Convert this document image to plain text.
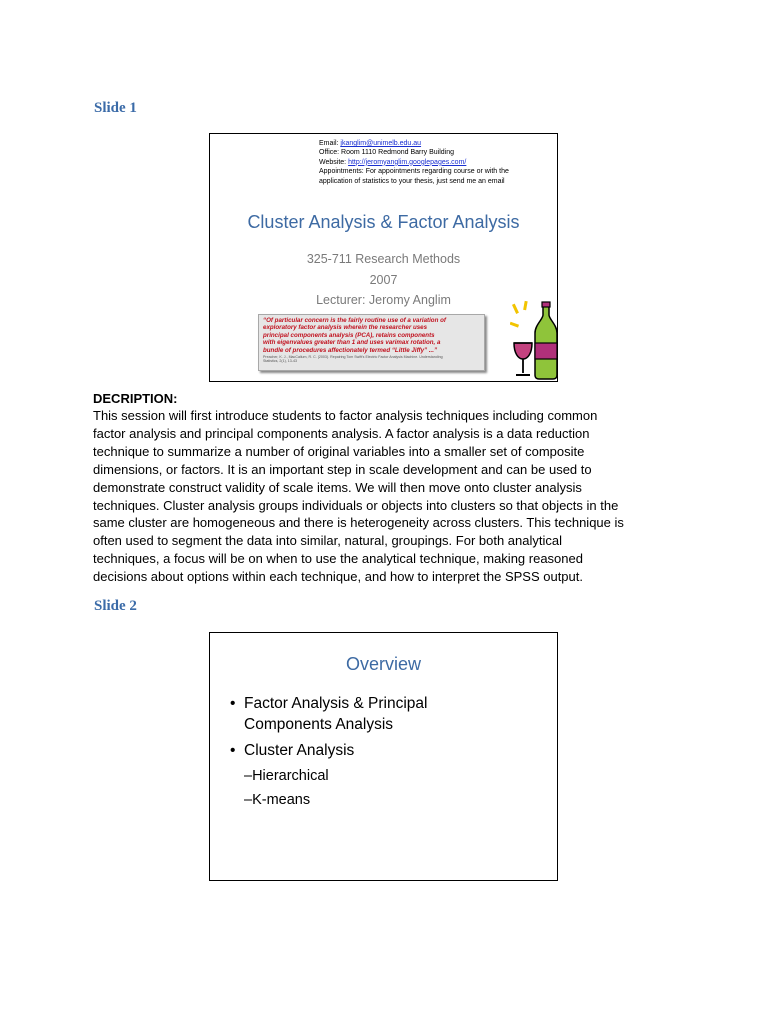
Slide 1
Email: jkanglim@unimelb.edu.au
Office: Room 1110 Redmond Barry Building
Website: http://jeromyanglim.googlepages.com/
Appointments: For appointments regarding course or with the
application of statistics to your thesis, just send me an email
Cluster Analysis & Factor Analysis
325-711 Research Methods
2007
Lecturer: Jeromy Anglim
“Of particular concern is the fairly routine use of a variation of
exploratory factor analysis wherein the researcher uses
principal components analysis (PCA), retains components
with eigenvalues greater than 1 and uses varimax rotation, a
bundle of procedures affectionately termed “Little Jiffy” ...”
Preacher, K. J., MacCallum, R. C. (2003). Repairing Tom Swift's Electric Factor Analysis Machine. Understanding
Statistics, 2(1), 13-43
DECRIPTION:
This session will first introduce students to factor analysis techniques including common
factor analysis and principal components analysis. A factor analysis is a data reduction
technique to summarize a number of original variables into a smaller set of composite
dimensions, or factors. It is an important step in scale development and can be used to
demonstrate construct validity of scale items. We will then move onto cluster analysis
techniques. Cluster analysis groups individuals or objects into clusters so that objects in the
same cluster are homogeneous and there is heterogeneity across clusters. This technique is
often used to segment the data into similar, natural, groupings. For both analytical
techniques, a focus will be on when to use the analytical technique, making reasoned
decisions about options within each technique, and how to interpret the SPSS output.
Slide 2
Overview
• Factor Analysis & Principal
Components Analysis
• Cluster Analysis
–Hierarchical
–K-means
